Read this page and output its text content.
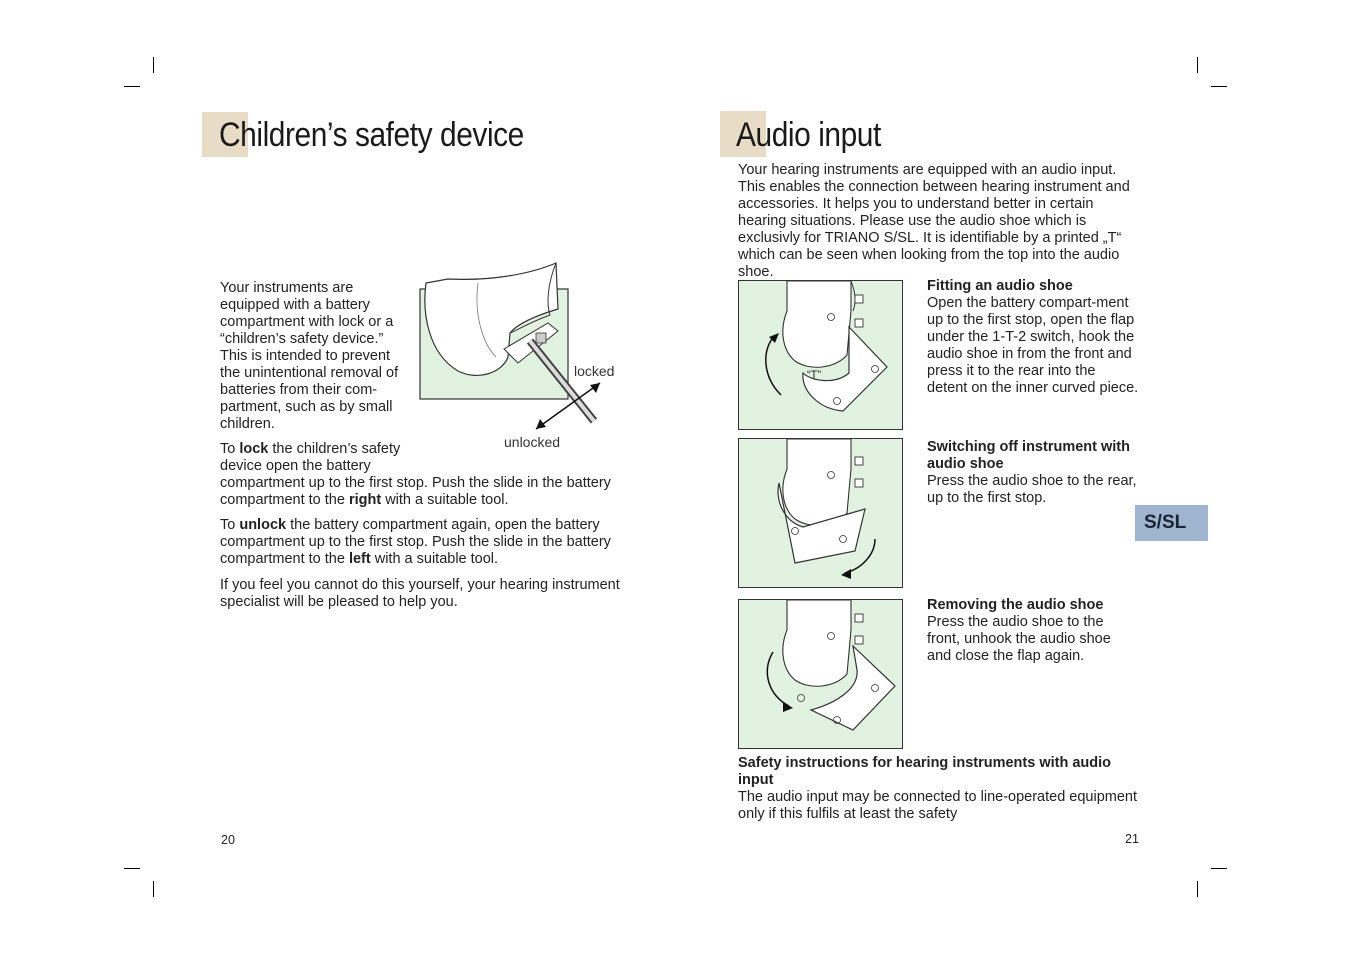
Children’s safety device

Your instruments are equipped with a battery compartment with lock or a “children’s safety device.” This is intended to prevent the unintentional removal of batteries from their com-partment, such as by small children.

locked
unlocked

To lock the children’s safety device open the battery

compartment up to the first stop. Push the slide in the battery compartment to the right with a suitable tool.

To unlock the battery compartment again, open the battery compartment up to the first stop. Push the slide in the battery compartment to the left with a suitable tool.

If you feel you cannot do this yourself, your hearing instrument specialist will be pleased to help you.

20
Audio input

Your hearing instruments are equipped with an audio input. This enables the connection between hearing instrument and accessories. It helps you to understand better in certain hearing situations. Please use the audio shoe which is exclusivly for TRIANO S/SL. It is identifiable by a printed „T“ which can be seen when looking from the top into the audio shoe.

“T”
Fitting an audio shoe
Open the battery compart-ment up to the first stop, open the flap under the 1-T-2 switch, hook the audio shoe in from the front and press it to the rear into the detent on the inner curved piece.
Switching off instrument with audio shoe
Press the audio shoe to the rear, up to the first stop.
Removing the audio shoe
Press the audio shoe to the front, unhook the audio shoe and close the flap again.
S/SL
Safety instructions for hearing instruments with audio input
The audio input may be connected to line-operated equipment only if this fulfils at least the safety
21
